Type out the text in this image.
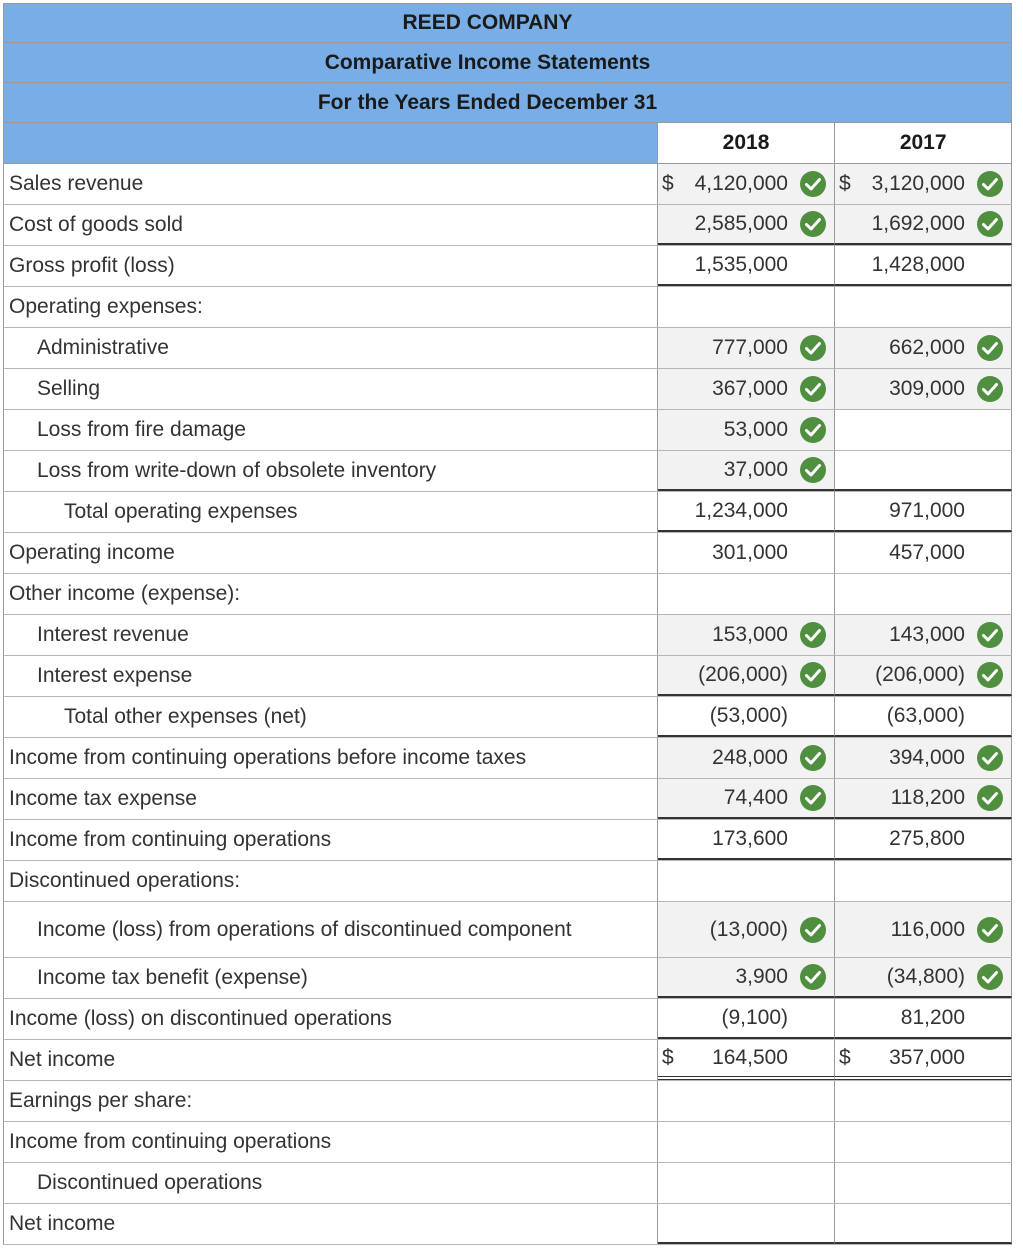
REED COMPANY
Comparative Income Statements
For the Years Ended December 31
2018	2017
Sales revenue	$ 4,120,000 $ 3,120,000
Cost of goods sold	2,585,000	1,692,000
Gross profit (loss)	1,535,000	1,428,000
Operating expenses:
Administrative	777,000	662,000
Selling	367,000	309,000
Loss from fire damage	53,000
Loss from write-down of obsolete inventory	37,000
Total operating expenses	1,234,000	971,000
Operating income	301,000	457,000
Other income (expense):
Interest revenue	153,000	143,000
Interest expense	(206,000)	(206,000)
Total other expenses (net)	(53,000)	(63,000)
Income from continuing operations before income taxes	248,000	394,000
Income tax expense	74,400	118,200
Income from continuing operations	173,600	275,800
Discontinued operations:
Income (loss) from operations of discontinued component	(13,000)	116,000
Income tax benefit (expense)	3,900	(34,800)
Income (loss) on discontinued operations	(9,100)	81,200
Net income	$ 164,500 $ 357,000
Earnings per share:
Income from continuing operations
Discontinued operations
Net income
